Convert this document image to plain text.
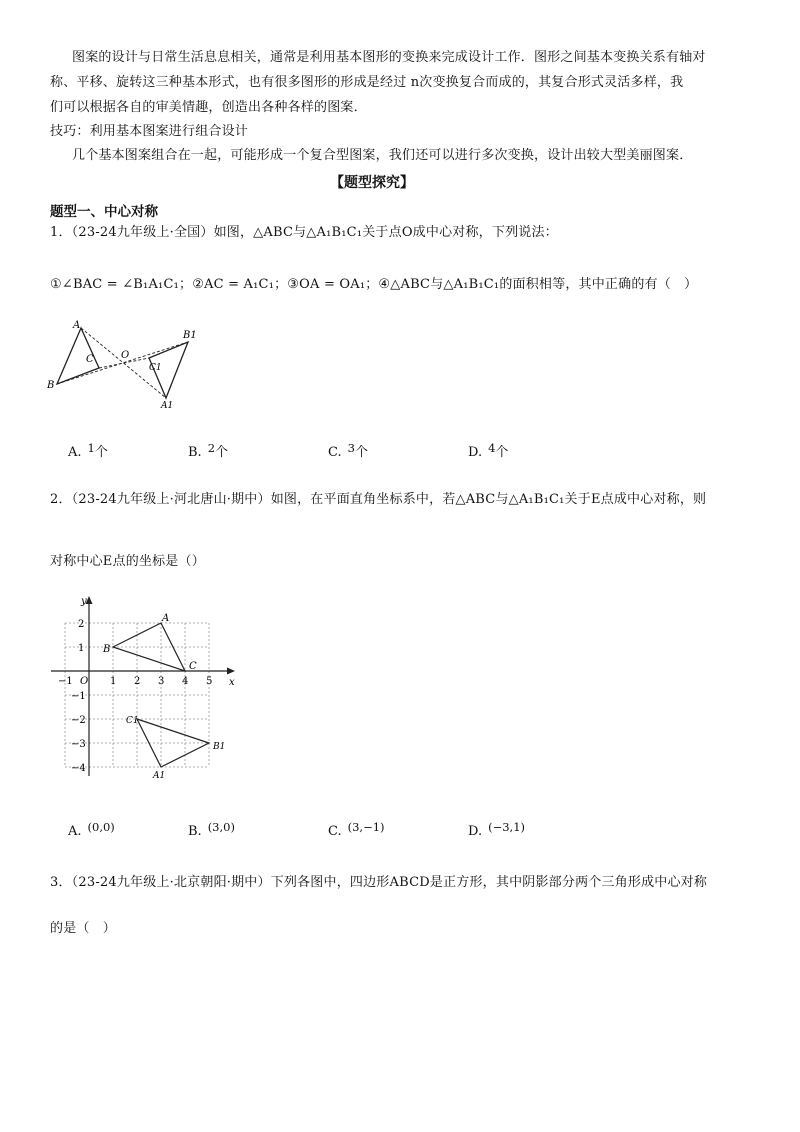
图案的设计与日常生活息息相关，通常是利用基本图形的变换来完成设计工作．图形之间基本变换关系有轴对
称、平移、旋转这三种基本形式，也有很多图形的形成是经过 n次变换复合而成的，其复合形式灵活多样，我
们可以根据各自的审美情趣，创造出各种各样的图案．
技巧：利用基本图案进行组合设计
几个基本图案组合在一起，可能形成一个复合型图案，我们还可以进行多次变换，设计出较大型美丽图案．
【题型探究】
题型一、中心对称
1．（23-24九年级上·全国）如图，△ABC与△A₁B₁C₁关于点O成中心对称，下列说法：
①∠BAC = ∠B₁A₁C₁；②AC = A₁C₁；③OA = OA₁；④△ABC与△A₁B₁C₁的面积相等，其中正确的有（　）
A
B
C	O
B1
C1
A1
A. 1个	B. 2个	C. 3个	D. 4个
2．（23-24九年级上·河北唐山·期中）如图，在平面直角坐标系中，若△ABC与△A₁B₁C₁关于E点成中心对称，则
对称中心E点的坐标是（）
x
y
−1 O 1 2 3 4 5
2
1
−1
−2
−3
−4
A
B
C
C1
B1
A1
A. (0,0)	B. (3,0)	C. (3,−1)	D. (−3,1)
3．（23-24九年级上·北京朝阳·期中）下列各图中，四边形ABCD是正方形，其中阴影部分两个三角形成中心对称
的是（　）
